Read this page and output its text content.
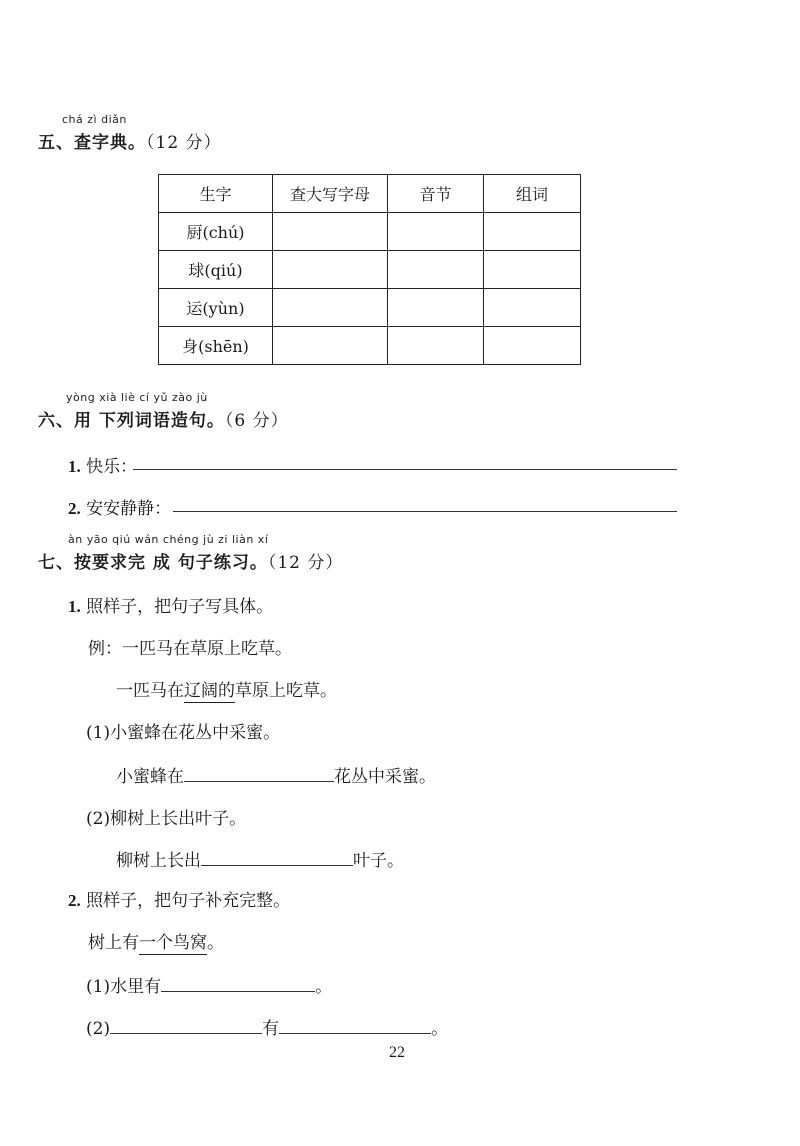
chá zì diǎn
五、查字典。（12 分）
生字	查大写字母	音节	组词
厨(chú)			
球(qiú)			
运(yùn)			
身(shēn)			
yòng xià liè cí yǔ zào jù
六、用 下列词语造句。（6 分）
1. 快乐：
2. 安安静静：
àn yāo qiú wán chéng jù zi liàn xí
七、按要求完 成 句子练习。（12 分）
1. 照样子，把句子写具体。
例：一匹马在草原上吃草。
一匹马在辽阔的草原上吃草。
(1)小蜜蜂在花丛中采蜜。
小蜜蜂在	花丛中采蜜。
(2)柳树上长出叶子。
柳树上长出	叶子。
2. 照样子，把句子补充完整。
树上有一个鸟窝。
(1)水里有	。
(2)	有	。
22
